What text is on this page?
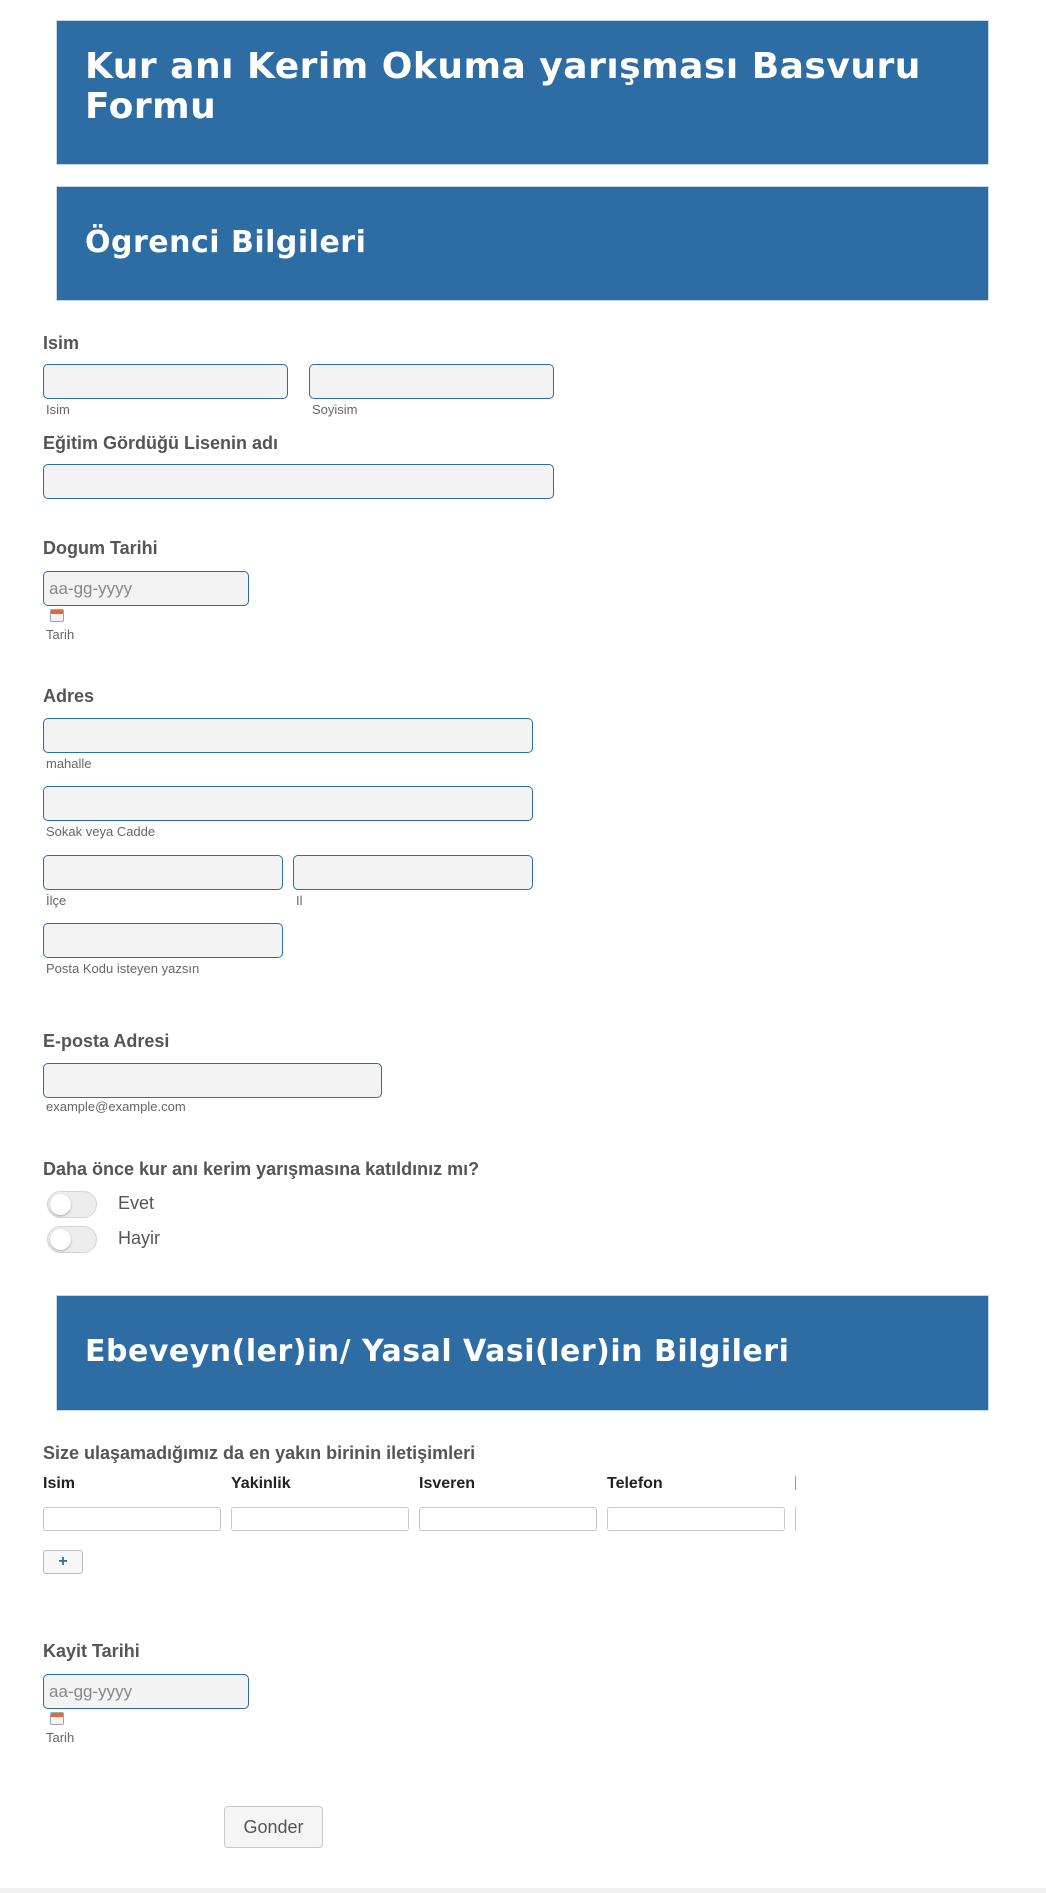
Kur anı Kerim Okuma yarışması Basvuru Formu
Ögrenci Bilgileri
Isim
Isim	Soyisim
Eğitim Gördüğü Lisenin adı
Dogum Tarihi
aa-gg-yyyy
Tarih
Adres
mahalle
Sokak veya Cadde
İlçe	Il
Posta Kodu isteyen yazsın
E-posta Adresi
example@example.com
Daha önce kur anı kerim yarışmasına katıldınız mı?
Evet
Hayir
Ebeveyn(ler)in/ Yasal Vasi(ler)in Bilgileri
Size ulaşamadığımız da en yakın birinin iletişimleri
Isim	Yakinlik	Isveren	Telefon
+
Kayit Tarihi
aa-gg-yyyy
Tarih
Gonder
